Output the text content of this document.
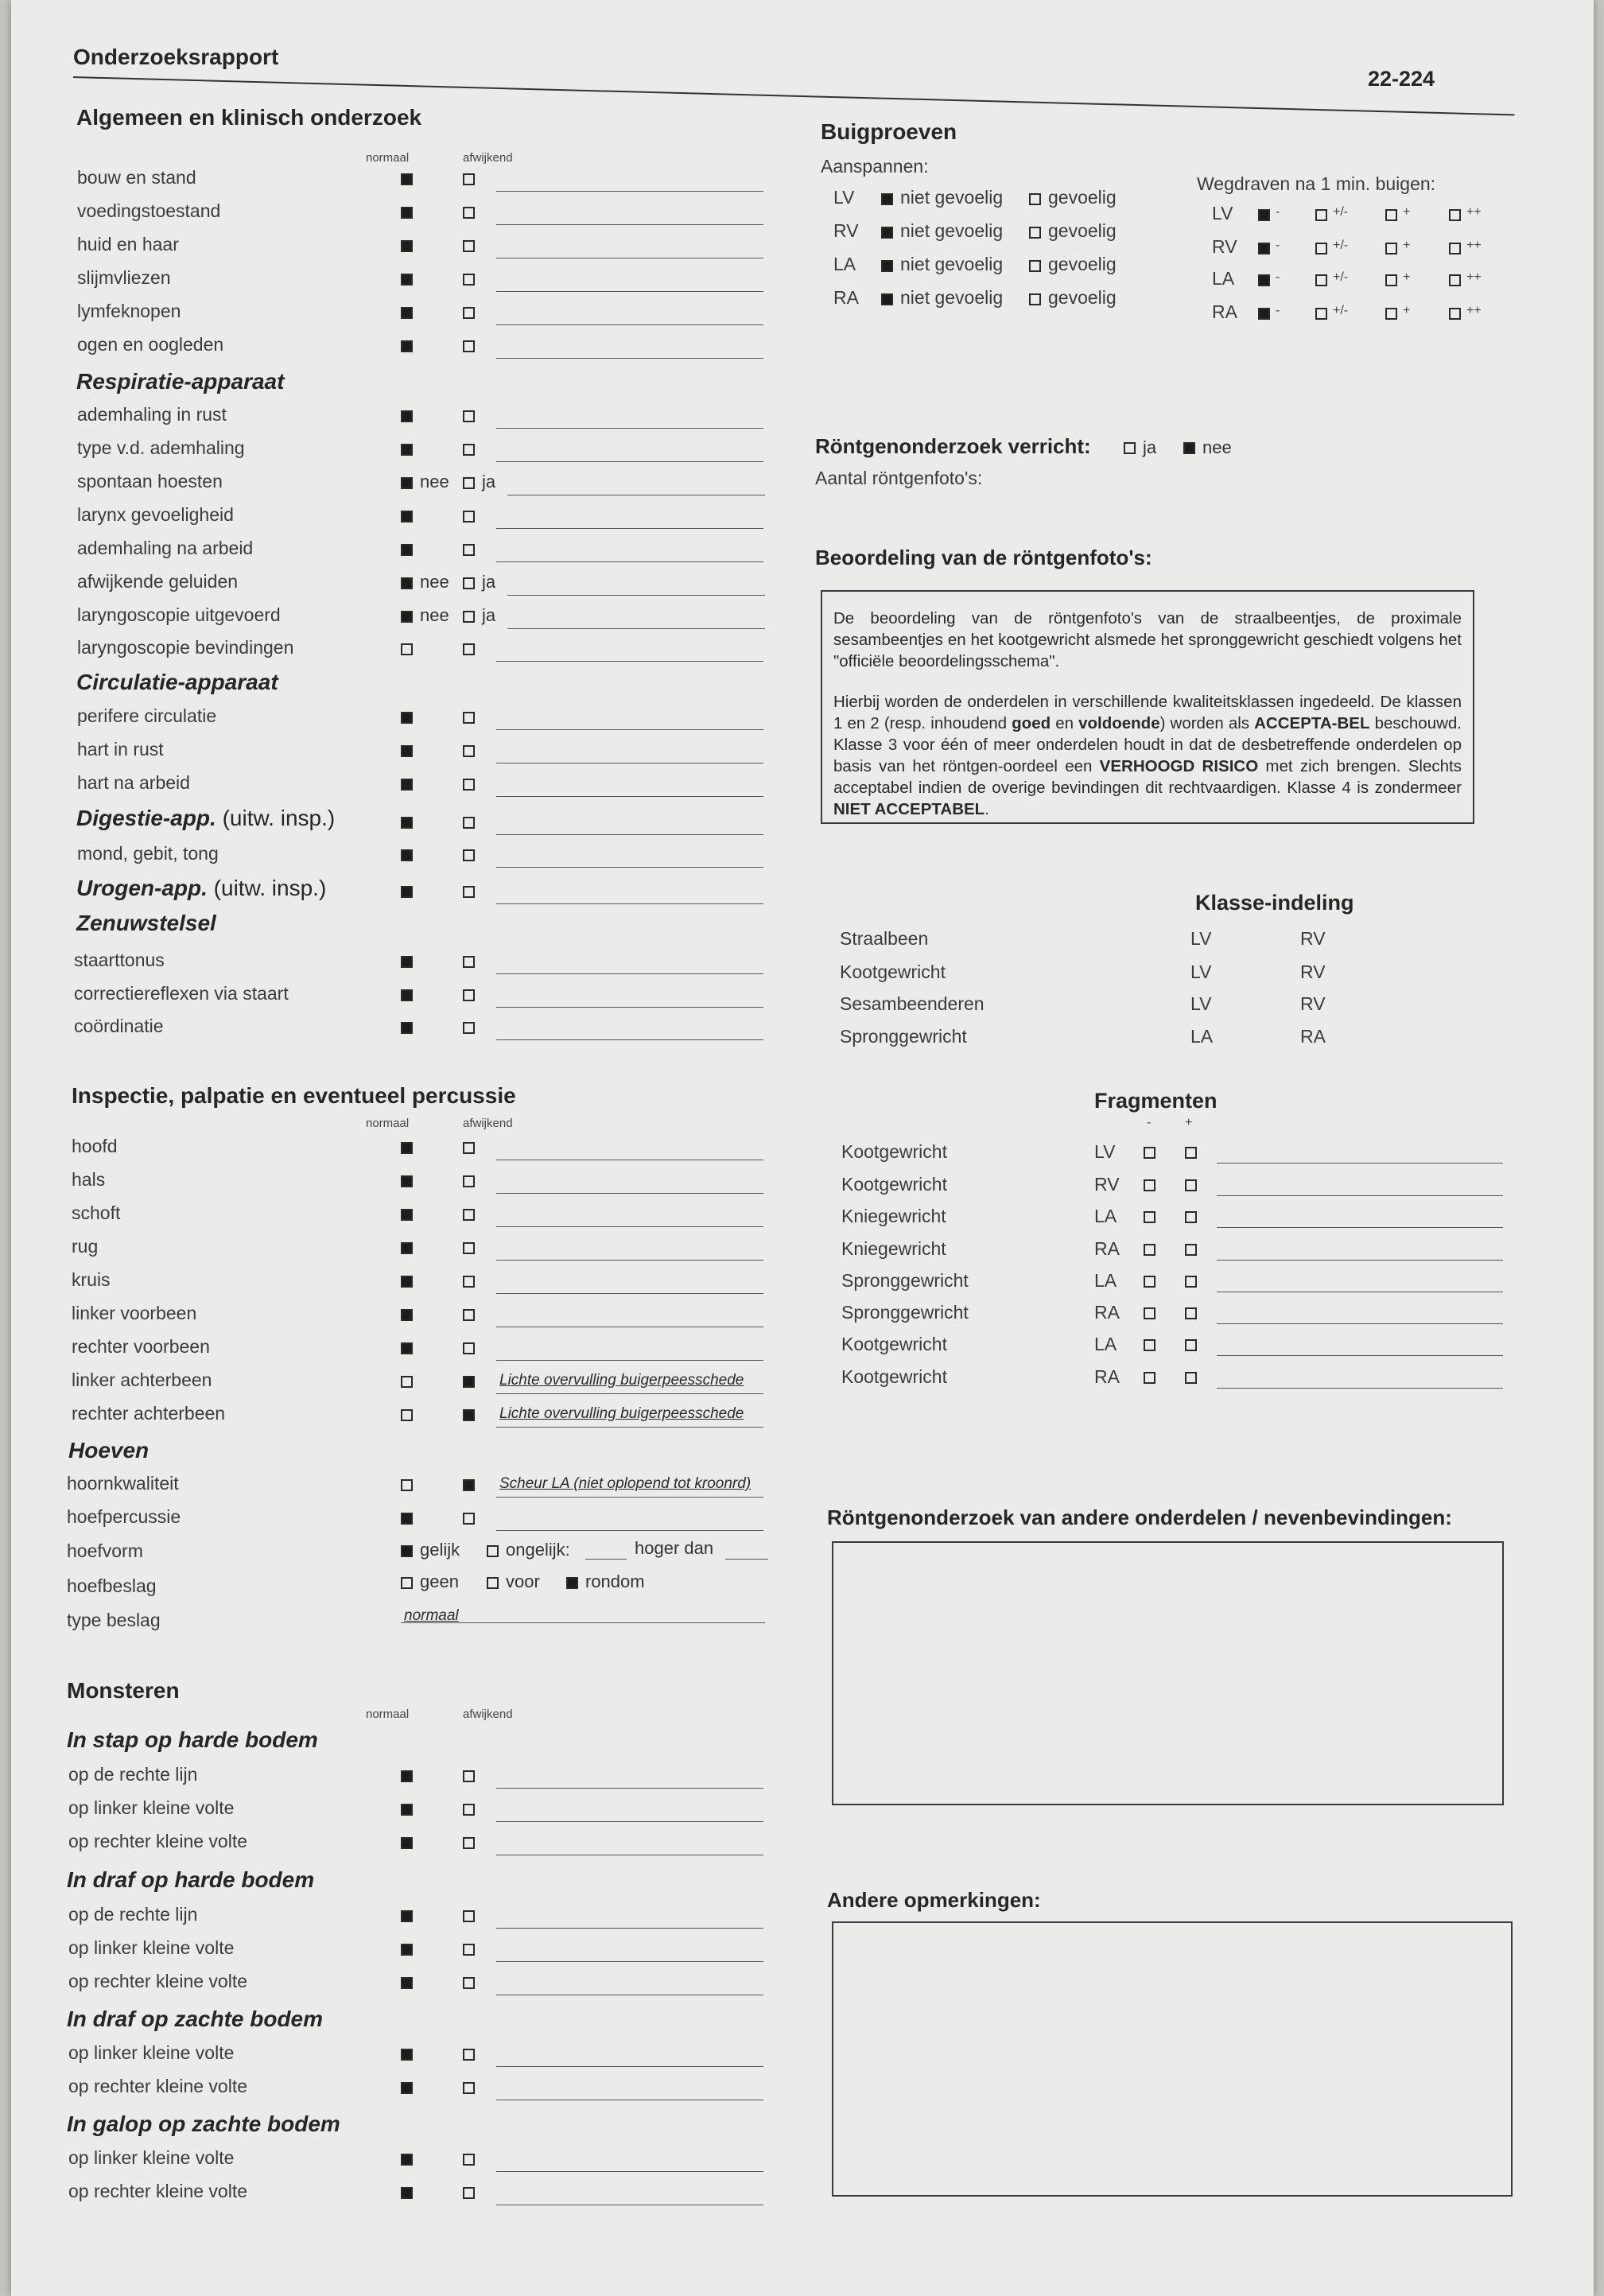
Onderzoeksrapport
22-224
Algemeen en klinisch onderzoek
normaal	afwijkend
bouw en stand
voedingstoestand
huid en haar
slijmvliezen
lymfeknopen
ogen en oogleden
Respiratie-apparaat
ademhaling in rust
type v.d. ademhaling
spontaan hoesten	nee ja
larynx gevoeligheid
ademhaling na arbeid
afwijkende geluiden	nee ja
laryngoscopie uitgevoerd	nee ja
laryngoscopie bevindingen
Circulatie-apparaat
perifere circulatie
hart in rust
hart na arbeid
Digestie-app. (uitw. insp.)
mond, gebit, tong
Urogen-app. (uitw. insp.)
Zenuwstelsel
staarttonus
correctiereflexen via staart
coördinatie
Inspectie, palpatie en eventueel percussie
normaal	afwijkend
hoofd
hals
schoft
rug
kruis
linker voorbeen
rechter voorbeen
linker achterbeen	Lichte overvulling buigerpeesschede
rechter achterbeen	Lichte overvulling buigerpeesschede
Hoeven
hoornkwaliteit	Scheur LA (niet oplopend tot kroonrd)
hoefpercussie
hoefvorm	gelijk	ongelijk:	hoger dan
hoefbeslag	geen	voor	rondom
type beslag	normaal
Monsteren
normaal	afwijkend
In stap op harde bodem
op de rechte lijn
op linker kleine volte
op rechter kleine volte
In draf op harde bodem
op de rechte lijn
op linker kleine volte
op rechter kleine volte
In draf op zachte bodem
op linker kleine volte
op rechter kleine volte
In galop op zachte bodem
op linker kleine volte
op rechter kleine volte
Buigproeven
Aanspannen:
LV	niet gevoelig gevoelig
RV niet gevoelig gevoelig
LA niet gevoelig gevoelig
RA niet gevoelig gevoelig
Wegdraven na 1 min. buigen:
LV	-	+/-	+	++
RV	-	+/-	+	++
LA	-	+/-	+	++
RA	-	+/-	+	++
Röntgenonderzoek verricht:	ja	nee
Aantal röntgenfoto's:
Beoordeling van de röntgenfoto's:

De beoordeling van de röntgenfoto's van de straalbeentjes, de proximale sesambeentjes en het kootgewricht alsmede het spronggewricht geschiedt volgens het "officiële beoordelingsschema".

Hierbij worden de onderdelen in verschillende kwaliteitsklassen ingedeeld. De klassen 1 en 2 (resp. inhoudend goed en voldoende) worden als ACCEPTA-BEL beschouwd. Klasse 3 voor één of meer onderdelen houdt in dat de desbetreffende onderdelen op basis van het röntgen-oordeel een VERHOOGD RISICO met zich brengen. Slechts acceptabel indien de overige bevindingen dit rechtvaardigen. Klasse 4 is zondermeer NIET ACCEPTABEL.

Klasse-indeling
Straalbeen	LV	RV
Kootgewricht	LV	RV
Sesambeenderen	LV	RV
Spronggewricht	LA	RA
Fragmenten
-	+
Kootgewricht	LV
Kootgewricht	RV
Kniegewricht	LA
Kniegewricht	RA
Spronggewricht	LA
Spronggewricht	RA
Kootgewricht	LA
Kootgewricht	RA
Röntgenonderzoek van andere onderdelen / nevenbevindingen:
Andere opmerkingen:
